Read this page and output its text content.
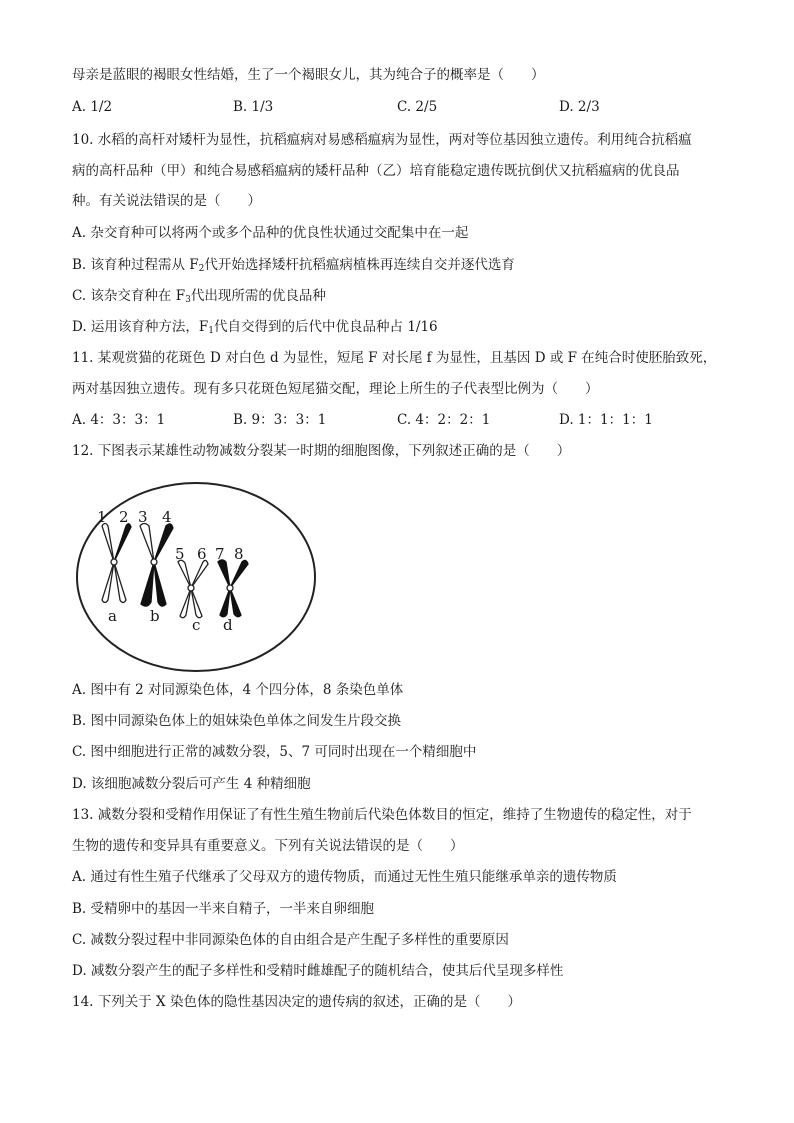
母亲是蓝眼的褐眼女性结婚，生了一个褐眼女儿，其为纯合子的概率是（　　）
A. 1/2	B. 1/3	C. 2/5	D. 2/3
10. 水稻的高杆对矮杆为显性，抗稻瘟病对易感稻瘟病为显性，两对等位基因独立遗传。利用纯合抗稻瘟
病的高杆品种（甲）和纯合易感稻瘟病的矮杆品种（乙）培育能稳定遗传既抗倒伏又抗稻瘟病的优良品
种。有关说法错误的是（　　）
A. 杂交育种可以将两个或多个品种的优良性状通过交配集中在一起
B. 该育种过程需从 $F_2$代开始选择矮杆抗稻瘟病植株再连续自交并逐代选育
C. 该杂交育种在 $F_3$代出现所需的优良品种
D. 运用该育种方法，$F_1$代自交得到的后代中优良品种占 1/16
11. 某观赏猫的花斑色 D 对白色 d 为显性，短尾 F 对长尾 f 为显性，且基因 D 或 F 在纯合时使胚胎致死，
两对基因独立遗传。现有多只花斑色短尾猫交配，理论上所生的子代表型比例为（　　）
A. 4：3：3：1	B. 9：3：3：1	C. 4：2：2：1	D. 1：1：1：1
12. 下图表示某雄性动物减数分裂某一时期的细胞图像，下列叙述正确的是（　　）
1 2 3 4
5 6 7 8
a b c d
A. 图中有 2 对同源染色体，4 个四分体，8 条染色单体
B. 图中同源染色体上的姐妹染色单体之间发生片段交换
C. 图中细胞进行正常的减数分裂，5、7 可同时出现在一个精细胞中
D. 该细胞减数分裂后可产生 4 种精细胞
13. 减数分裂和受精作用保证了有性生殖生物前后代染色体数目的恒定，维持了生物遗传的稳定性，对于
生物的遗传和变异具有重要意义。下列有关说法错误的是（　　）
A. 通过有性生殖子代继承了父母双方的遗传物质，而通过无性生殖只能继承单亲的遗传物质
B. 受精卵中的基因一半来自精子，一半来自卵细胞
C. 减数分裂过程中非同源染色体的自由组合是产生配子多样性的重要原因
D. 减数分裂产生的配子多样性和受精时雌雄配子的随机结合，使其后代呈现多样性
14. 下列关于 X 染色体的隐性基因决定的遗传病的叙述，正确的是（　　）
